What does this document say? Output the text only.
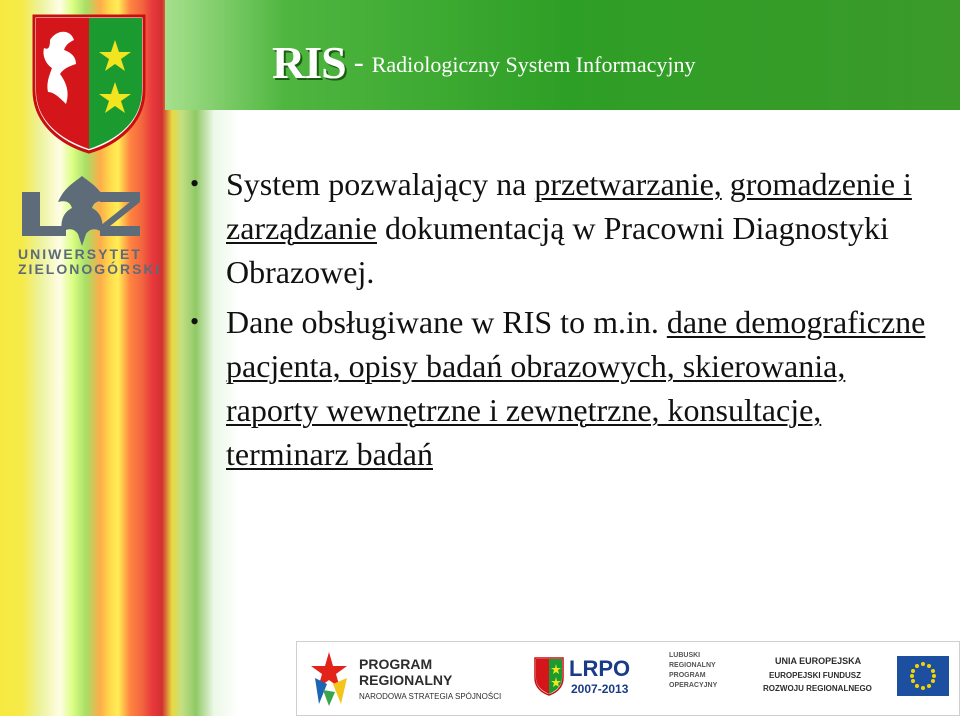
UNIWERSYTET
ZIELONOGÓRSKI
RIS - Radiologiczny System Informacyjny
• System pozwalający na przetwarzanie, gromadzenie i zarządzanie dokumentacją w Pracowni Diagnostyki Obrazowej.
• Dane obsługiwane w RIS to m.in. dane demograficzne pacjenta, opisy badań obrazowych, skierowania, raporty wewnętrzne i zewnętrzne, konsultacje, terminarz badań
PROGRAM
REGIONALNY
NARODOWA STRATEGIA SPÓJNOŚCI
LRPO
2007-2013
LUBUSKI
REGIONALNY
PROGRAM
OPERACYJNY
UNIA EUROPEJSKA
EUROPEJSKI FUNDUSZ
ROZWOJU REGIONALNEGO
